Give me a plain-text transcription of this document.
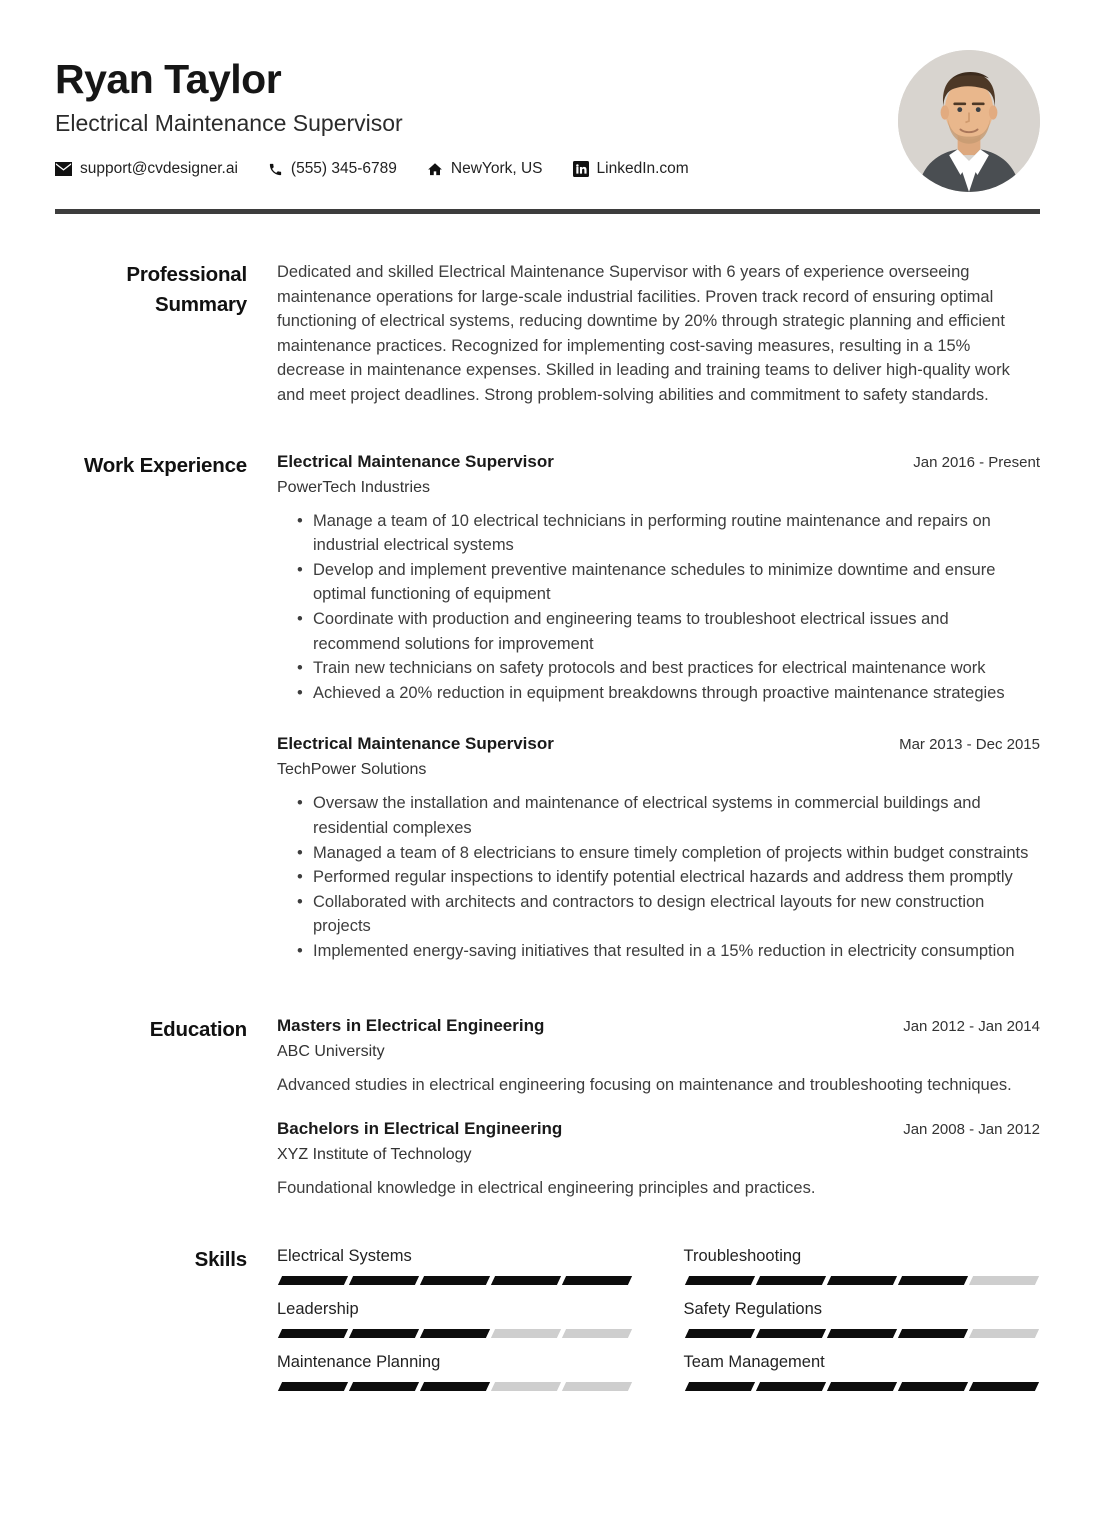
Ryan Taylor
Electrical Maintenance Supervisor
support@cvdesigner.ai	(555) 345-6789	NewYork, US	LinkedIn.com
Professional Summary
Dedicated and skilled Electrical Maintenance Supervisor with 6 years of experience overseeing maintenance operations for large-scale industrial facilities. Proven track record of ensuring optimal functioning of electrical systems, reducing downtime by 20% through strategic planning and efficient maintenance practices. Recognized for implementing cost-saving measures, resulting in a 15% decrease in maintenance expenses. Skilled in leading and training teams to deliver high-quality work and meet project deadlines. Strong problem-solving abilities and commitment to safety standards.
Work Experience Electrical Maintenance Supervisor	Jan 2016 - Present
PowerTech Industries
• Manage a team of 10 electrical technicians in performing routine maintenance and repairs on industrial electrical systems
• Develop and implement preventive maintenance schedules to minimize downtime and ensure optimal functioning of equipment
• Coordinate with production and engineering teams to troubleshoot electrical issues and recommend solutions for improvement
• Train new technicians on safety protocols and best practices for electrical maintenance work
• Achieved a 20% reduction in equipment breakdowns through proactive maintenance strategies
Electrical Maintenance Supervisor	Mar 2013 - Dec 2015
TechPower Solutions
• Oversaw the installation and maintenance of electrical systems in commercial buildings and residential complexes
• Managed a team of 8 electricians to ensure timely completion of projects within budget constraints
• Performed regular inspections to identify potential electrical hazards and address them promptly
• Collaborated with architects and contractors to design electrical layouts for new construction projects
• Implemented energy-saving initiatives that resulted in a 15% reduction in electricity consumption
Education Masters in Electrical Engineering	Jan 2012 - Jan 2014
ABC University
Advanced studies in electrical engineering focusing on maintenance and troubleshooting techniques.
Bachelors in Electrical Engineering	Jan 2008 - Jan 2012
XYZ Institute of Technology
Foundational knowledge in electrical engineering principles and practices.
Skills Electrical Systems	Troubleshooting
Leadership	Safety Regulations
Maintenance Planning	Team Management
